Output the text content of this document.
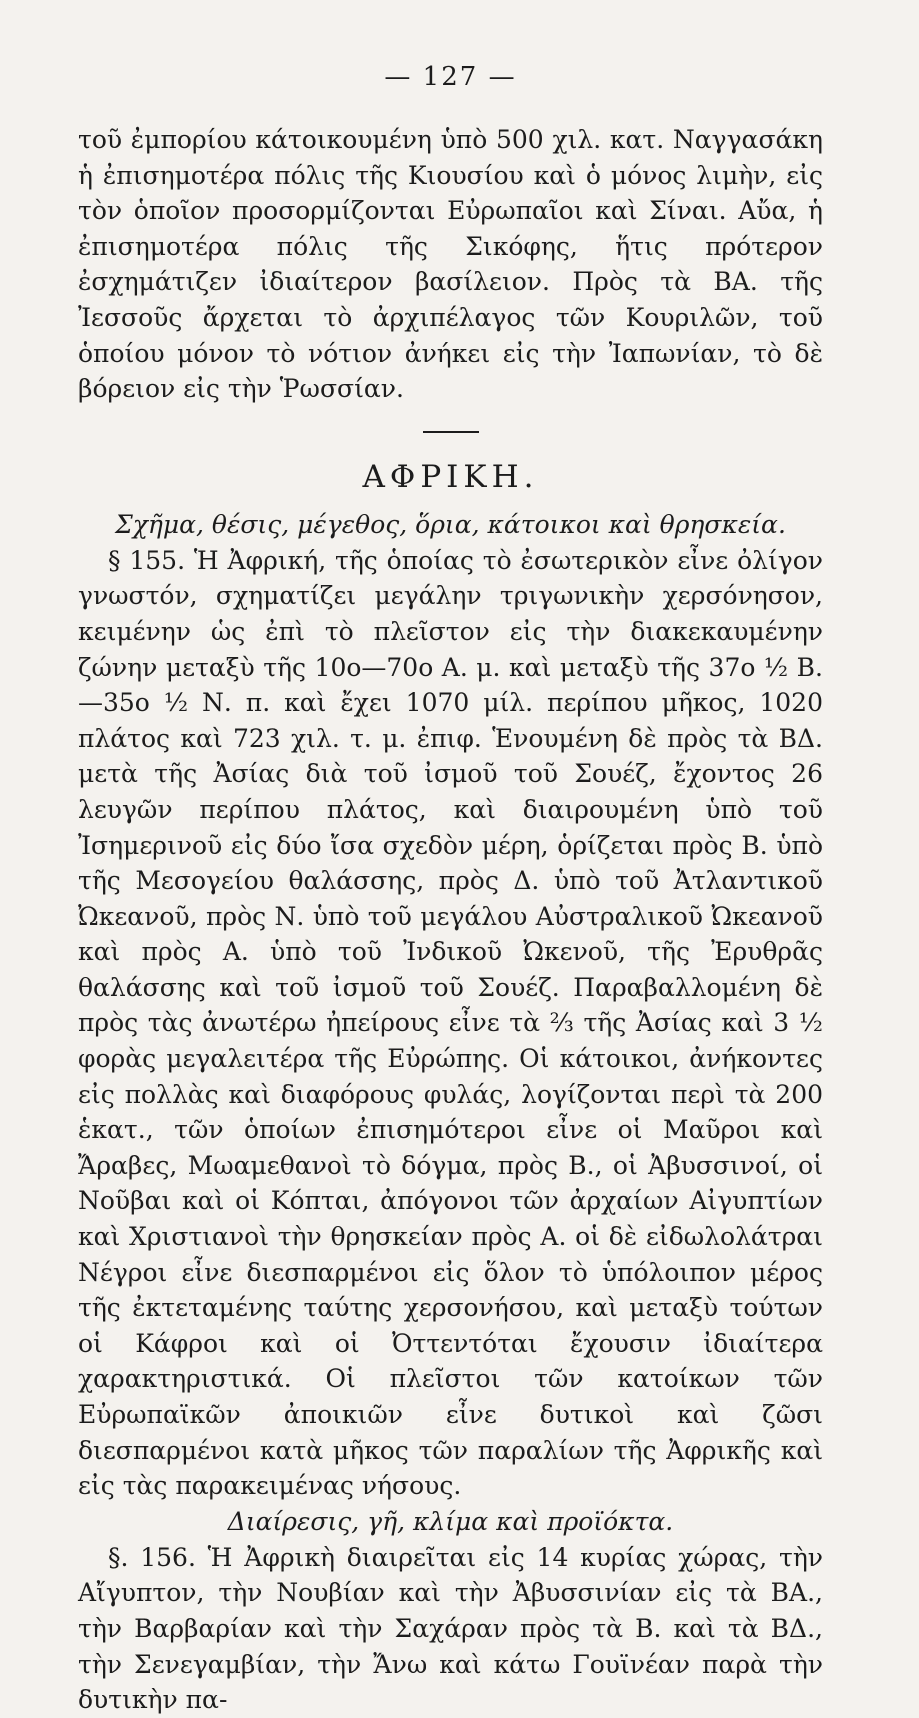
— 127 —

τοῦ ἐμπορίου κάτοικουμένη ὑπὸ 500 χιλ. κατ. Ναγγασάκη ἡ ἐπισημοτέρα πόλις τῆς Κιουσίου καὶ ὁ μόνος λιμὴν, εἰς τὸν ὁποῖον προσορμίζονται Εὐρωπαῖοι καὶ Σίναι. Αὔα, ἡ ἐπισημοτέρα πόλις τῆς Σικόφης, ἥτις πρότερον ἐσχημάτιζεν ἰδιαίτερον βασίλειον. Πρὸς τὰ ΒΑ. τῆς Ἰεσσοῦς ἄρχεται τὸ ἀρχιπέλαγος τῶν Κουριλῶν, τοῦ ὁποίου μόνον τὸ νότιον ἀνήκει εἰς τὴν Ἰαπωνίαν, τὸ δὲ βόρειον εἰς τὴν Ῥωσσίαν.

ΑΦΡΙΚΗ.
Σχῆμα, θέσις, μέγεθος, ὅρια, κάτοικοι καὶ θρησκεία.

§ 155. Ἡ Ἀφρική, τῆς ὁποίας τὸ ἐσωτερικὸν εἶνε ὀλίγον γνωστόν, σχηματίζει μεγάλην τριγωνικὴν χερσόνησον, κειμένην ὡς ἐπὶ τὸ πλεῖστον εἰς τὴν διακεκαυμένην ζώνην μεταξὺ τῆς 10ο—70ο Α. μ. καὶ μεταξὺ τῆς 37ο ½ Β.—35ο ½ Ν. π. καὶ ἔχει 1070 μίλ. περίπου μῆκος, 1020 πλάτος καὶ 723 χιλ. τ. μ. ἐπιφ. Ἑνουμένη δὲ πρὸς τὰ ΒΔ. μετὰ τῆς Ἀσίας διὰ τοῦ ἰσμοῦ τοῦ Σουέζ, ἔχοντος 26 λευγῶν περίπου πλάτος, καὶ διαιρουμένη ὑπὸ τοῦ Ἰσημερινοῦ εἰς δύο ἴσα σχεδὸν μέρη, ὁρίζεται πρὸς Β. ὑπὸ τῆς Μεσογείου θαλάσσης, πρὸς Δ. ὑπὸ τοῦ Ἀτλαντικοῦ Ὠκεανοῦ, πρὸς Ν. ὑπὸ τοῦ μεγάλου Αὐστραλικοῦ Ὠκεανοῦ καὶ πρὸς Α. ὑπὸ τοῦ Ἰνδικοῦ Ὠκενοῦ, τῆς Ἐρυθρᾶς θαλάσσης καὶ τοῦ ἰσμοῦ τοῦ Σουέζ. Παραβαλλομένη δὲ πρὸς τὰς ἀνωτέρω ἠπείρους εἶνε τὰ ⅔ τῆς Ἀσίας καὶ 3 ½ φορὰς μεγαλειτέρα τῆς Εὐρώπης. Οἱ κάτοικοι, ἀνήκοντες εἰς πολλὰς καὶ διαφόρους φυλάς, λογίζονται περὶ τὰ 200 ἑκατ., τῶν ὁποίων ἐπισημότεροι εἶνε οἱ Μαῦροι καὶ Ἄραβες, Μωαμεθανοὶ τὸ δόγμα, πρὸς Β., οἱ Ἀβυσσινοί, οἱ Νοῦβαι καὶ οἱ Κόπται, ἀπόγονοι τῶν ἀρχαίων Αἰγυπτίων καὶ Χριστιανοὶ τὴν θρησκείαν πρὸς Α. οἱ δὲ εἰδωλολάτραι Νέγροι εἶνε διεσπαρμένοι εἰς ὅλον τὸ ὑπόλοιπον μέρος τῆς ἐκτεταμένης ταύτης χερσονήσου, καὶ μεταξὺ τούτων οἱ Κάφροι καὶ οἱ Ὀττεντόται ἔχουσιν ἰδιαίτερα χαρακτηριστικά. Οἱ πλεῖστοι τῶν κατοίκων τῶν Εὐρωπαϊκῶν ἀποικιῶν εἶνε δυτικοὶ καὶ ζῶσι διεσπαρμένοι κατὰ μῆκος τῶν παραλίων τῆς Ἀφρικῆς καὶ εἰς τὰς παρακειμένας νήσους.

Διαίρεσις, γῆ, κλίμα καὶ προϊόκτα.

§. 156. Ἡ Ἀφρικὴ διαιρεῖται εἰς 14 κυρίας χώρας, τὴν Αἴγυπτον, τὴν Νουβίαν καὶ τὴν Ἀβυσσινίαν εἰς τὰ ΒΑ., τὴν Βαρβαρίαν καὶ τὴν Σαχάραν πρὸς τὰ Β. καὶ τὰ ΒΔ., τὴν Σενεγαμβίαν, τὴν Ἄνω καὶ κάτω Γουϊνέαν παρὰ τὴν δυτικὴν πα-
